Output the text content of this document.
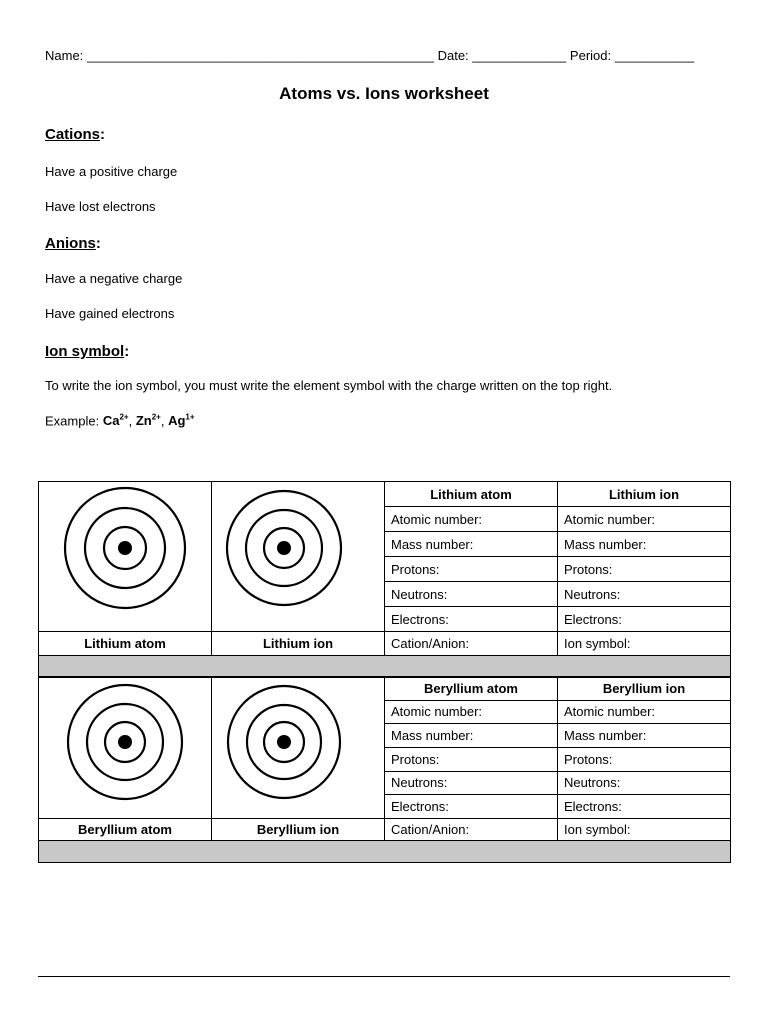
Name: ________________________________________________ Date: _____________ Period: ___________
Atoms vs. Ions worksheet
Cations:
Have a positive charge
Have lost electrons
Anions:
Have a negative charge
Have gained electrons
Ion symbol:
To write the ion symbol, you must write the element symbol with the charge written on the top right.
Example: $Ca^{2+}$, $Zn^{2+}$, $Ag^{1+}$
		Lithium atom	Lithium ion
		Atomic number:	Atomic number:
		Mass number:	Mass number:
		Protons:	Protons:
		Neutrons:	Neutrons:
		Electrons:	Electrons:
Lithium atom	Lithium ion	Cation/Anion:	Ion symbol:

		Beryllium atom	Beryllium ion
		Atomic number:	Atomic number:
		Mass number:	Mass number:
		Protons:	Protons:
		Neutrons:	Neutrons:
		Electrons:	Electrons:
Beryllium atom	Beryllium ion	Cation/Anion:	Ion symbol:
